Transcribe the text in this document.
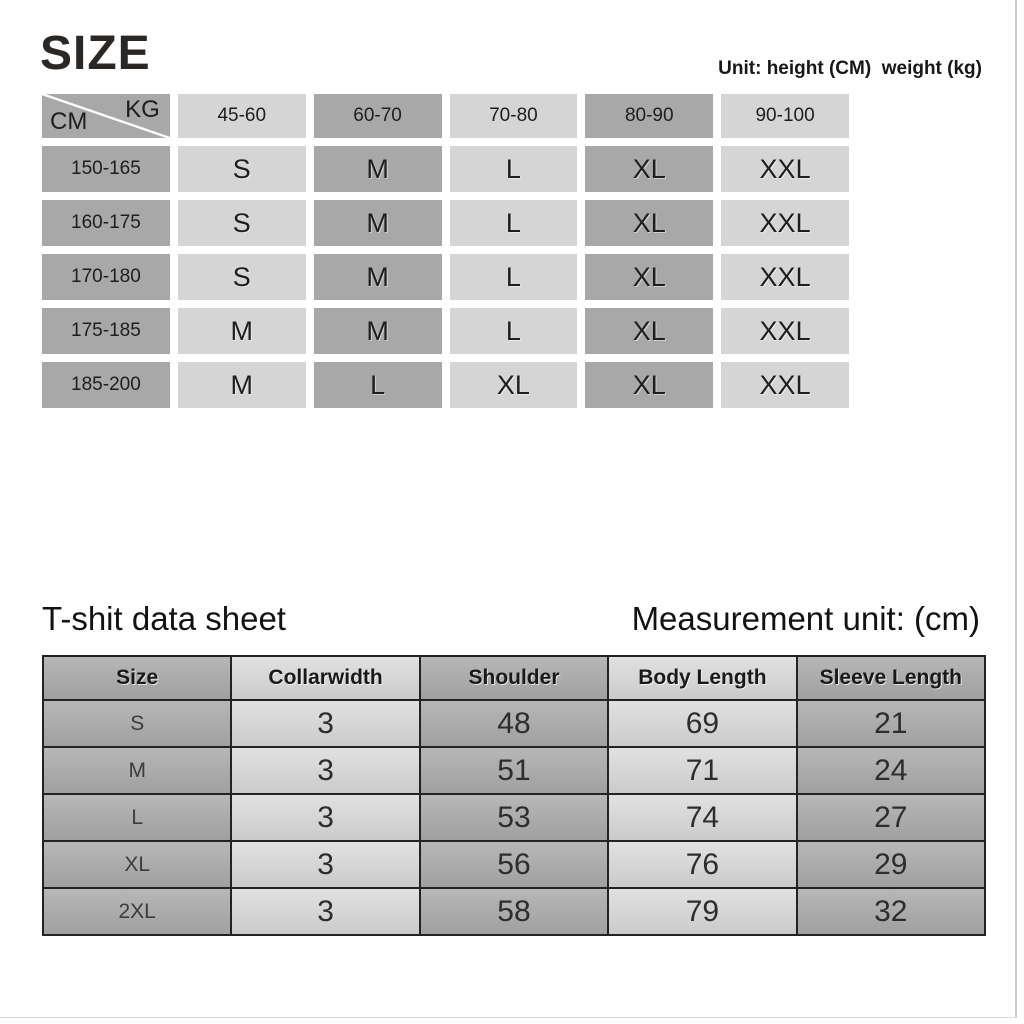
SIZE	Unit: height (CM)  weight (kg)
KG
CM	45-60	60-70	70-80	80-90	90-100
150-165	S	M	L	XL	XXL
160-175	S	M	L	XL	XXL
170-180	S	M	L	XL	XXL
175-185	M	M	L	XL	XXL
185-200	M	L	XL	XL	XXL
T-shit data sheet	Measurement unit: (cm)
Size	Collarwidth	Shoulder	Body Length	Sleeve Length
S	3	48	69	21
M	3	51	71	24
L	3	53	74	27
XL	3	56	76	29
2XL	3	58	79	32
